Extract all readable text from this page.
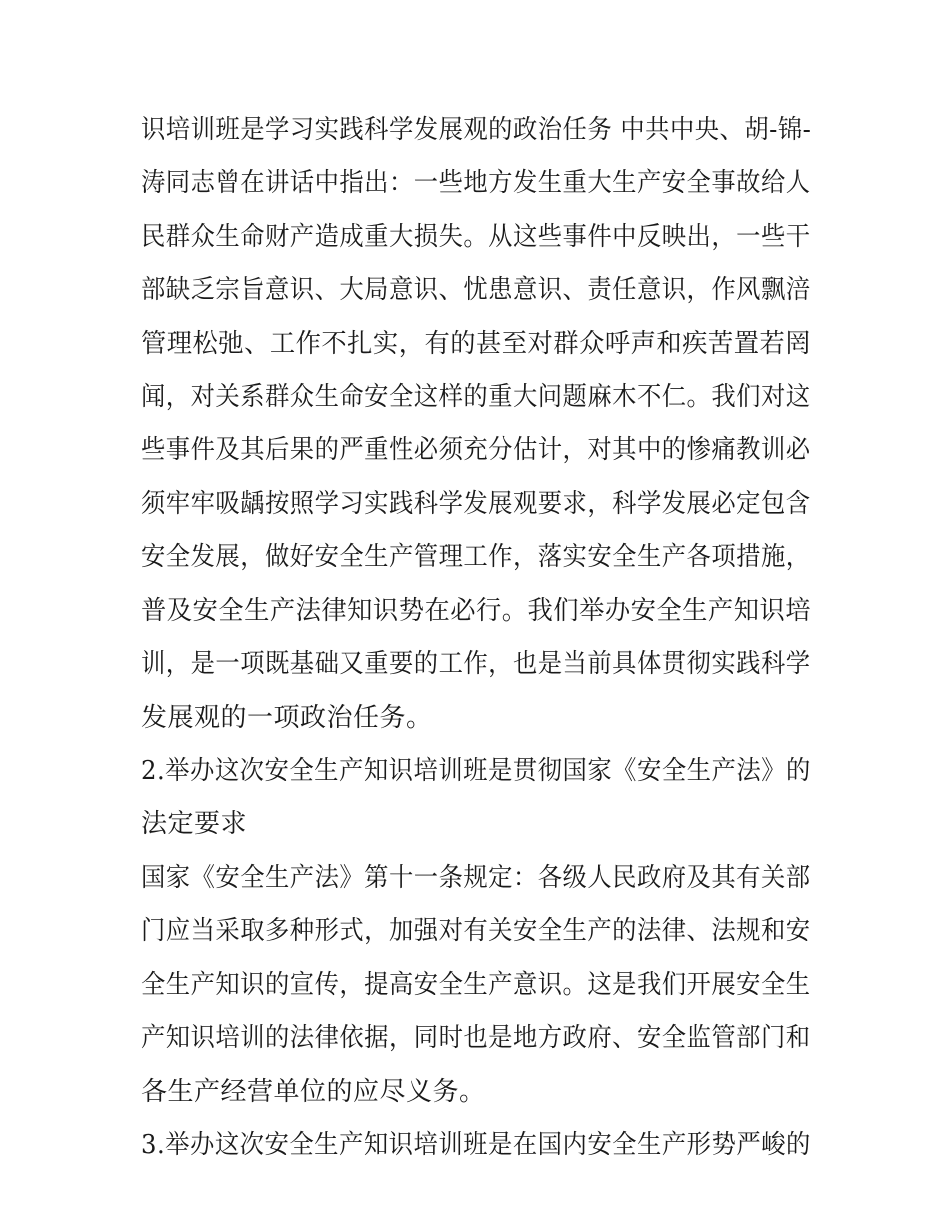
识培训班是学习实践科学发展观的政治任务 中共中央、胡-锦-
涛同志曾在讲话中指出：一些地方发生重大生产安全事故给人
民群众生命财产造成重大损失。从这些事件中反映出，一些干
部缺乏宗旨意识、大局意识、忧患意识、责任意识，作风飘涪
管理松弛、工作不扎实，有的甚至对群众呼声和疾苦置若罔
闻，对关系群众生命安全这样的重大问题麻木不仁。我们对这
些事件及其后果的严重性必须充分估计，对其中的惨痛教训必
须牢牢吸龋按照学习实践科学发展观要求，科学发展必定包含
安全发展，做好安全生产管理工作，落实安全生产各项措施，
普及安全生产法律知识势在必行。我们举办安全生产知识培
训，是一项既基础又重要的工作，也是当前具体贯彻实践科学
发展观的一项政治任务。
2.举办这次安全生产知识培训班是贯彻国家《安全生产法》的
法定要求
国家《安全生产法》第十一条规定：各级人民政府及其有关部
门应当采取多种形式，加强对有关安全生产的法律、法规和安
全生产知识的宣传，提高安全生产意识。这是我们开展安全生
产知识培训的法律依据，同时也是地方政府、安全监管部门和
各生产经营单位的应尽义务。
3.举办这次安全生产知识培训班是在国内安全生产形势严峻的
